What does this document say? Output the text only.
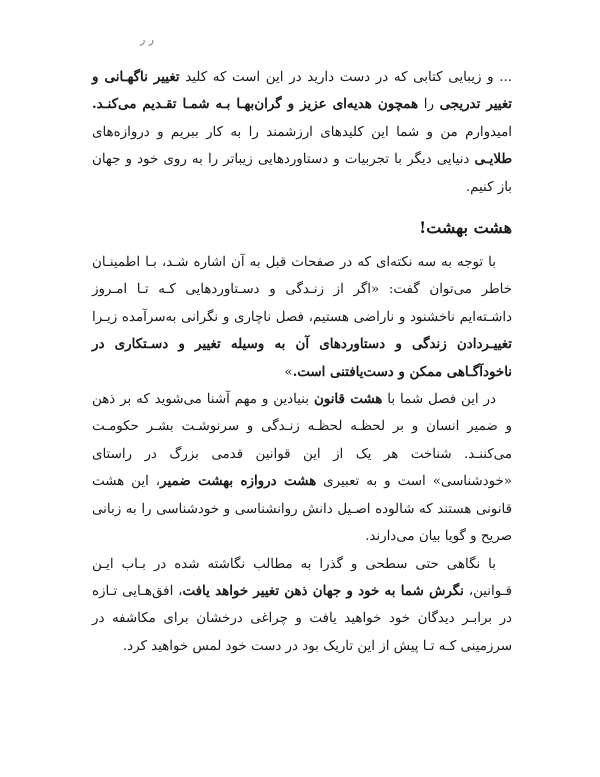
ر ر

... و زیبایی کتابی که در دست دارید در این است که کلید تغییر ناگهـانی و تغییر تدریجی را همچون هدیه‌ای عزیز و گران‌بهـا بـه شمـا تقـدیم می‌کنـد. امیدوارم من و شما این کلیدهای ارزشمند را به کار ببریم و دروازه‌های طلایـی دنیایی دیگر با تجربیات و دستاوردهایی زیباتر را به روی خود و جهان باز کنیم.

هشت بهشت!

با توجه به سه نکته‌ای که در صفحات قبل به آن اشاره شـد، بـا اطمینـان خاطر می‌توان گفت: «اگر از زنـدگی و دسـتاوردهایی کـه تـا امـروز داشـته‌ایم ناخشنود و ناراضی هستیم، فصل ناچاری و نگرانی به‌سرآمده زیـرا تغییـردادن زندگی و دستاوردهای آن به وسیله تغییر و دسـتکاری در ناخودآگـاهی ممکن و دست‌یافتنی است.»

در این فصل شما با هشت قانون بنیادین و مهم آشنا می‌شوید که بر ذهن و ضمیر انسان و بر لحظـه لحظـه زنـدگی و سرنوشـت بشـر حکومـت می‌کننـد. شناخت هر یک از این قوانین قدمی بزرگ در راستای «خودشناسی» است و به تعبیری هشت دروازه بهشت ضمیر، این هشت قانونی هستند که شالوده اصـیل دانش روانشناسی و خودشناسی را به زبانی صریح و گویا بیان می‌دارند.

با نگاهی حتی سطحی و گذرا به مطالب نگاشته شده در بـاب ایـن قـوانین، نگرش شما به خود و جهان ذهن تغییر خواهد یافت، افق‌هـایی تـازه در برابـر دیدگان خود خواهید یافت و چراغی درخشان برای مکاشفه در سرزمینی کـه تـا پیش از این تاریک بود در دست خود لمس خواهید کرد.
